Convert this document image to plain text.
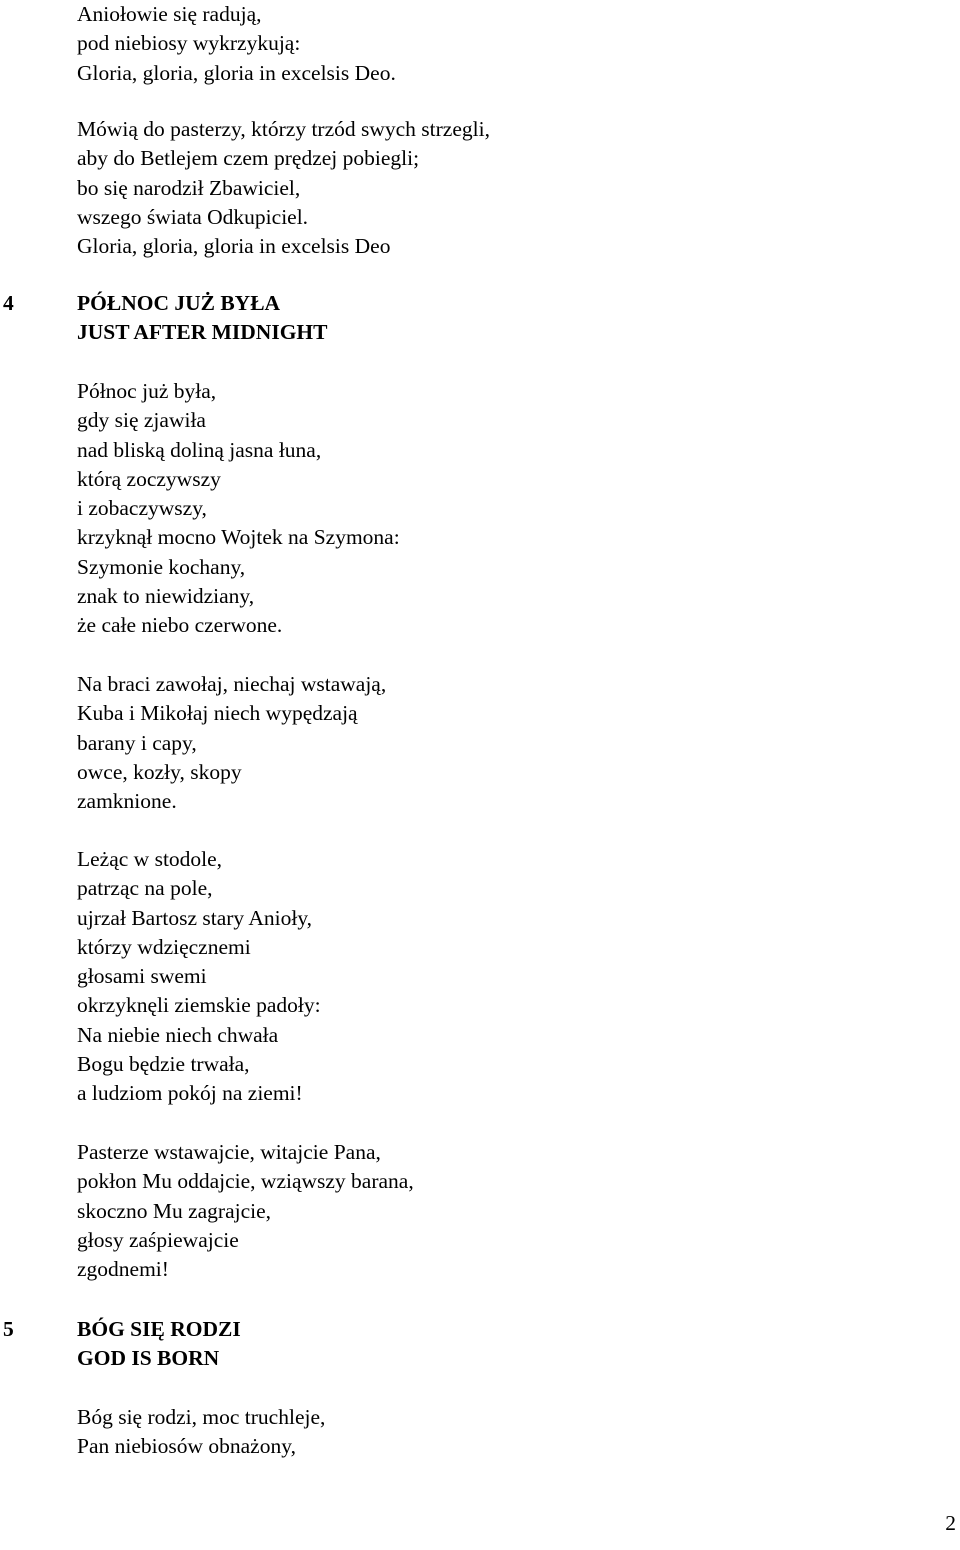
Aniołowie się radują,
pod niebiosy wykrzykują:
Gloria, gloria, gloria in excelsis Deo.

Mówią do pasterzy, którzy trzód swych strzegli,
aby do Betlejem czem prędzej pobiegli;
bo się narodził Zbawiciel,
wszego świata Odkupiciel.
Gloria, gloria, gloria in excelsis Deo

4	PÓŁNOC JUŻ BYŁA
JUST AFTER MIDNIGHT

Północ już była,
gdy się zjawiła
nad bliską doliną jasna łuna,
którą zoczywszy
i zobaczywszy,
krzyknął mocno Wojtek na Szymona:
Szymonie kochany,
znak to niewidziany,
że całe niebo czerwone.

Na braci zawołaj, niechaj wstawają,
Kuba i Mikołaj niech wypędzają
barany i capy,
owce, kozły, skopy
zamknione.

Leżąc w stodole,
patrząc na pole,
ujrzał Bartosz stary Anioły,
którzy wdzięcznemi
głosami swemi
okrzyknęli ziemskie padoły:
Na niebie niech chwała
Bogu będzie trwała,
a ludziom pokój na ziemi!

Pasterze wstawajcie, witajcie Pana,
pokłon Mu oddajcie, wziąwszy barana,
skoczno Mu zagrajcie,
głosy zaśpiewajcie
zgodnemi!

5	BÓG SIĘ RODZI
GOD IS BORN

Bóg się rodzi, moc truchleje,
Pan niebiosów obnażony,

2
